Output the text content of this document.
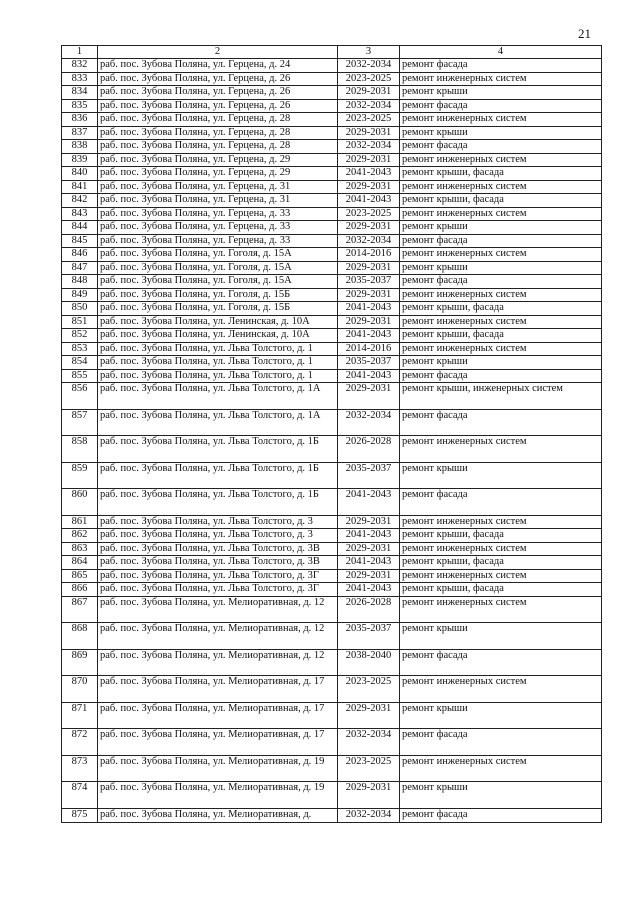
21
1	2	3	4
832	раб. пос. Зубова Поляна, ул. Герцена, д. 24	2032-2034	ремонт фасада
833	раб. пос. Зубова Поляна, ул. Герцена, д. 26	2023-2025	ремонт инженерных систем
834	раб. пос. Зубова Поляна, ул. Герцена, д. 26	2029-2031	ремонт крыши
835	раб. пос. Зубова Поляна, ул. Герцена, д. 26	2032-2034	ремонт фасада
836	раб. пос. Зубова Поляна, ул. Герцена, д. 28	2023-2025	ремонт инженерных систем
837	раб. пос. Зубова Поляна, ул. Герцена, д. 28	2029-2031	ремонт крыши
838	раб. пос. Зубова Поляна, ул. Герцена, д. 28	2032-2034	ремонт фасада
839	раб. пос. Зубова Поляна, ул. Герцена, д. 29	2029-2031	ремонт инженерных систем
840	раб. пос. Зубова Поляна, ул. Герцена, д. 29	2041-2043	ремонт крыши, фасада
841	раб. пос. Зубова Поляна, ул. Герцена, д. 31	2029-2031	ремонт инженерных систем
842	раб. пос. Зубова Поляна, ул. Герцена, д. 31	2041-2043	ремонт крыши, фасада
843	раб. пос. Зубова Поляна, ул. Герцена, д. 33	2023-2025	ремонт инженерных систем
844	раб. пос. Зубова Поляна, ул. Герцена, д. 33	2029-2031	ремонт крыши
845	раб. пос. Зубова Поляна, ул. Герцена, д. 33	2032-2034	ремонт фасада
846	раб. пос. Зубова Поляна, ул. Гоголя, д. 15А	2014-2016	ремонт инженерных систем
847	раб. пос. Зубова Поляна, ул. Гоголя, д. 15А	2029-2031	ремонт крыши
848	раб. пос. Зубова Поляна, ул. Гоголя, д. 15А	2035-2037	ремонт фасада
849	раб. пос. Зубова Поляна, ул. Гоголя, д. 15Б	2029-2031	ремонт инженерных систем
850	раб. пос. Зубова Поляна, ул. Гоголя, д. 15Б	2041-2043	ремонт крыши, фасада
851	раб. пос. Зубова Поляна, ул. Ленинская, д. 10А	2029-2031	ремонт инженерных систем
852	раб. пос. Зубова Поляна, ул. Ленинская, д. 10А	2041-2043	ремонт крыши, фасада
853	раб. пос. Зубова Поляна, ул. Льва Толстого, д. 1	2014-2016	ремонт инженерных систем
854	раб. пос. Зубова Поляна, ул. Льва Толстого, д. 1	2035-2037	ремонт крыши
855	раб. пос. Зубова Поляна, ул. Льва Толстого, д. 1	2041-2043	ремонт фасада
856	раб. пос. Зубова Поляна, ул. Льва Толстого, д. 1А	2029-2031	ремонт крыши, инженерных систем
857	раб. пос. Зубова Поляна, ул. Льва Толстого, д. 1А	2032-2034	ремонт фасада
858	раб. пос. Зубова Поляна, ул. Льва Толстого, д. 1Б	2026-2028	ремонт инженерных систем
859	раб. пос. Зубова Поляна, ул. Льва Толстого, д. 1Б	2035-2037	ремонт крыши
860	раб. пос. Зубова Поляна, ул. Льва Толстого, д. 1Б	2041-2043	ремонт фасада
861	раб. пос. Зубова Поляна, ул. Льва Толстого, д. 3	2029-2031	ремонт инженерных систем
862	раб. пос. Зубова Поляна, ул. Льва Толстого, д. 3	2041-2043	ремонт крыши, фасада
863	раб. пос. Зубова Поляна, ул. Льва Толстого, д. 3В	2029-2031	ремонт инженерных систем
864	раб. пос. Зубова Поляна, ул. Льва Толстого, д. 3В	2041-2043	ремонт крыши, фасада
865	раб. пос. Зубова Поляна, ул. Льва Толстого, д. 3Г	2029-2031	ремонт инженерных систем
866	раб. пос. Зубова Поляна, ул. Льва Толстого, д. 3Г	2041-2043	ремонт крыши, фасада
867	раб. пос. Зубова Поляна, ул. Мелиоративная, д. 12	2026-2028	ремонт инженерных систем
868	раб. пос. Зубова Поляна, ул. Мелиоративная, д. 12	2035-2037	ремонт крыши
869	раб. пос. Зубова Поляна, ул. Мелиоративная, д. 12	2038-2040	ремонт фасада
870	раб. пос. Зубова Поляна, ул. Мелиоративная, д. 17	2023-2025	ремонт инженерных систем
871	раб. пос. Зубова Поляна, ул. Мелиоративная, д. 17	2029-2031	ремонт крыши
872	раб. пос. Зубова Поляна, ул. Мелиоративная, д. 17	2032-2034	ремонт фасада
873	раб. пос. Зубова Поляна, ул. Мелиоративная, д. 19	2023-2025	ремонт инженерных систем
874	раб. пос. Зубова Поляна, ул. Мелиоративная, д. 19	2029-2031	ремонт крыши
875	раб. пос. Зубова Поляна, ул. Мелиоративная, д.	2032-2034	ремонт фасада
